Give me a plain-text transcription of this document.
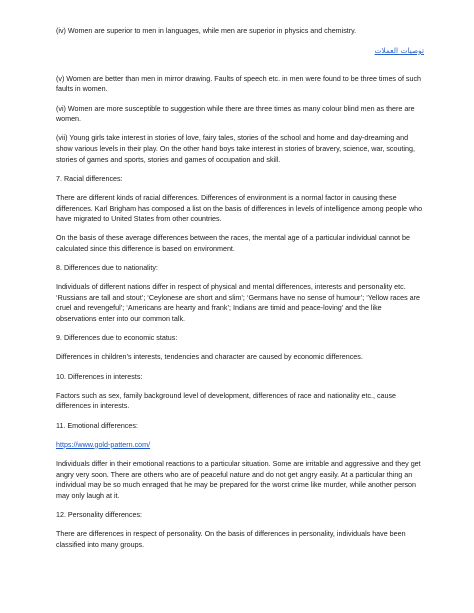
(iv) Women are superior to men in languages, while men are superior in physics and chemistry.

توصيات العملات

(v) Women are better than men in mirror drawing. Faults of speech etc. in men were found to be three times of such faults in women.

(vi) Women are more susceptible to suggestion while there are three times as many colour blind men as there are women.

(vii) Young girls take interest in stories of love, fairy tales, stories of the school and home and day-dreaming and show various levels in their play. On the other hand boys take interest in stories of bravery, science, war, scouting, stories of games and sports, stories and games of occupation and skill.

7. Racial differences:

There are different kinds of racial differences. Differences of environment is a normal factor in causing these differences. Karl Brigham has composed a list on the basis of differences in levels of intelligence among people who have migrated to United States from other countries.

On the basis of these average differences between the races, the mental age of a particular individual cannot be calculated since this difference is based on environment.

8. Differences due to nationality:

Individuals of different nations differ in respect of physical and mental differences, interests and personality etc. ‘Russians are tall and stout’; ‘Ceylonese are short and slim’; ‘Germans have no sense of humour’; ‘Yellow races are cruel and revengeful’; ‘Americans are hearty and frank’; Indians are timid and peace-loving’ and the like observations enter into our common talk.

9. Differences due to economic status:

Differences in children’s interests, tendencies and character are caused by economic differences.

10. Differences in interests:

Factors such as sex, family background level of development, differences of race and nationality etc., cause differences in interests.

11. Emotional differences:

https://www.gold-pattern.com/

Individuals differ in their emotional reactions to a particular situation. Some are irritable and aggressive and they get angry very soon. There are others who are of peaceful nature and do not get angry easily. At a particular thing an individual may be so much enraged that he may be prepared for the worst crime like murder, while another person may only laugh at it.

12. Personality differences:

There are differences in respect of personality. On the basis of differences in personality, individuals have been classified into many groups.
